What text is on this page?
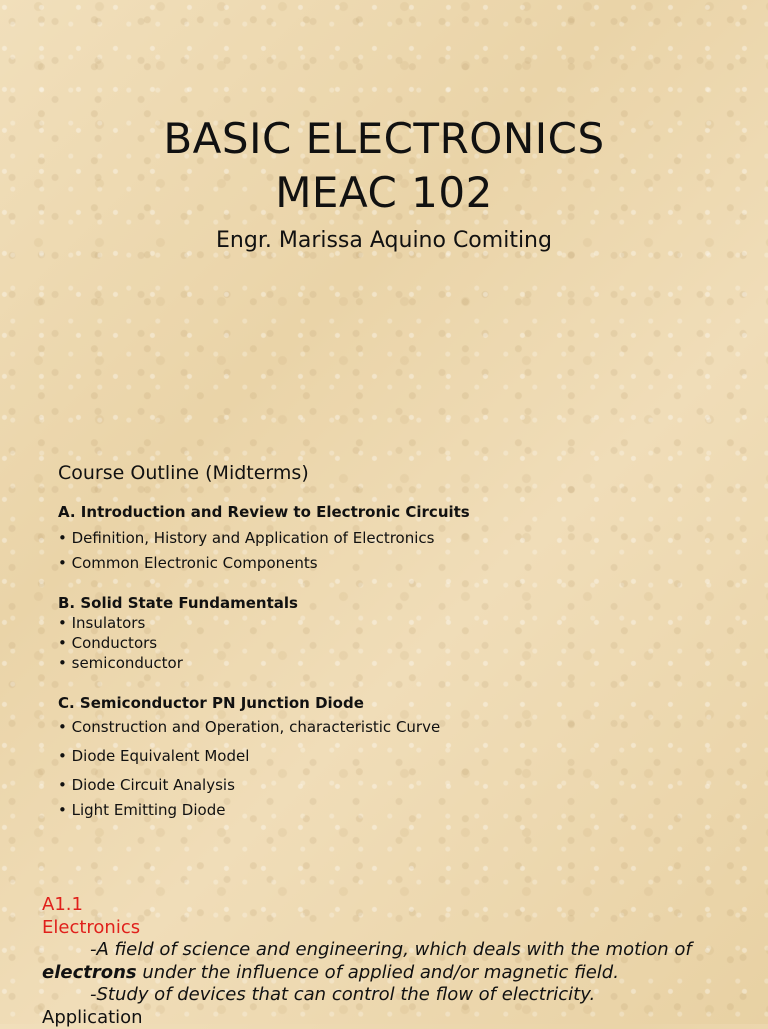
BASIC ELECTRONICS
MEAC 102

Engr. Marissa Aquino Comiting

Course Outline (Midterms)

A. Introduction and Review to Electronic Circuits

• Definition, History and Application of Electronics
• Common Electronic Components

B. Solid State Fundamentals

• Insulators
• Conductors
• semiconductor

C. Semiconductor PN Junction Diode

• Construction and Operation, characteristic Curve
• Diode Equivalent Model
• Diode Circuit Analysis
• Light Emitting Diode
A1.1
Electronics
-A field of science and engineering, which deals with the motion of
electrons under the influence of applied and/or magnetic field.
-Study of devices that can control the flow of electricity.
Application
